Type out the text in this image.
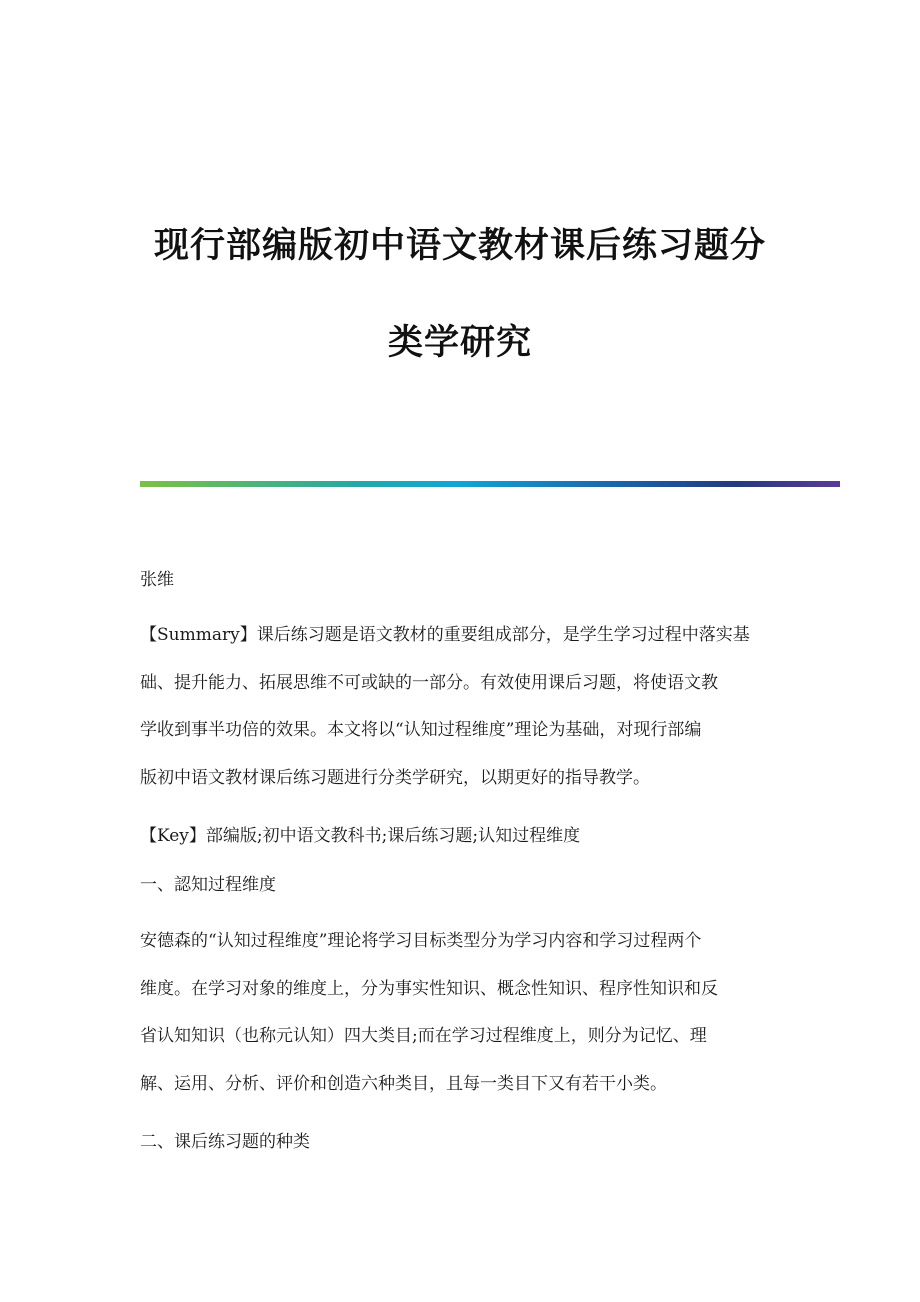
现行部编版初中语文教材课后练习题分
类学研究
张维
【Summary】课后练习题是语文教材的重要组成部分，是学生学习过程中落实基
础、提升能力、拓展思维不可或缺的一部分。有效使用课后习题，将使语文教
学收到事半功倍的效果。本文将以“认知过程维度”理论为基础，对现行部编
版初中语文教材课后练习题进行分类学研究，以期更好的指导教学。
【Key】部编版;初中语文教科书;课后练习题;认知过程维度
一、認知过程维度
安德森的“认知过程维度”理论将学习目标类型分为学习内容和学习过程两个
维度。在学习对象的维度上，分为事实性知识、概念性知识、程序性知识和反
省认知知识（也称元认知）四大类目;而在学习过程维度上，则分为记忆、理
解、运用、分析、评价和创造六种类目，且每一类目下又有若干小类。
二、课后练习题的种类
